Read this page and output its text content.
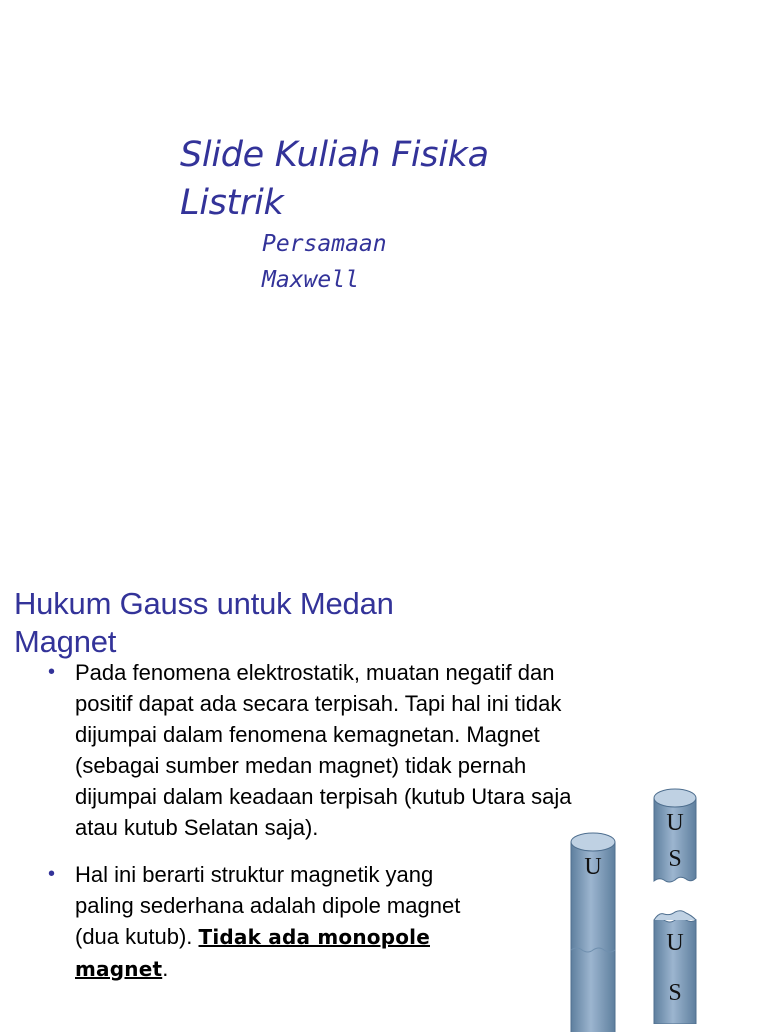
Slide Kuliah Fisika
Listrik

Persamaan
Maxwell

Hukum Gauss untuk Medan
Magnet
• Pada fenomena elektrostatik, muatan negatif dan
positif dapat ada secara terpisah. Tapi hal ini tidak
dijumpai dalam fenomena kemagnetan. Magnet
(sebagai sumber medan magnet) tidak pernah
dijumpai dalam keadaan terpisah (kutub Utara saja
atau kutub Selatan saja).
• Hal ini berarti struktur magnetik yang
paling sederhana adalah dipole magnet
(dua kutub). Tidak ada monopole
magnet.
U
U
S
U
S
